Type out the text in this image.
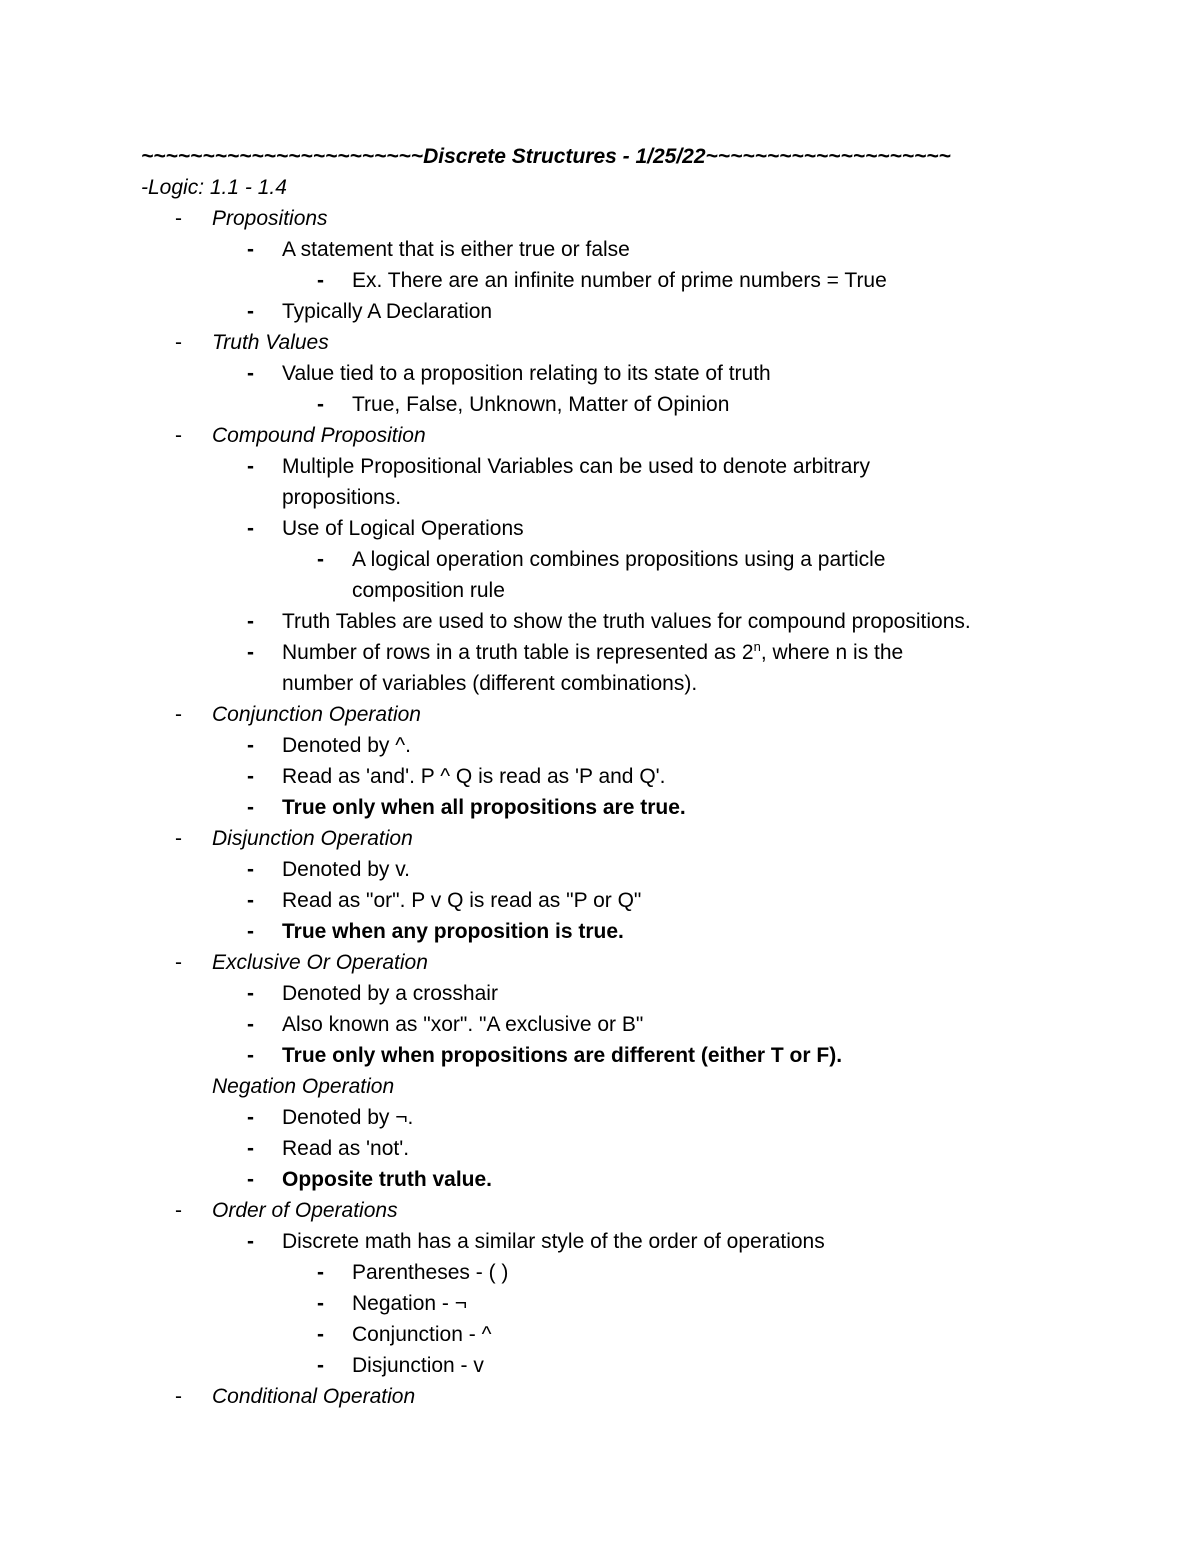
~~~~~~~~~~~~~~~~~~~~~~~Discrete Structures - 1/25/22~~~~~~~~~~~~~~~~~~~~
-Logic: 1.1 - 1.4
- Propositions
- A statement that is either true or false
- Ex. There are an infinite number of prime numbers = True
- Typically A Declaration
- Truth Values
- Value tied to a proposition relating to its state of truth
- True, False, Unknown, Matter of Opinion
- Compound Proposition
- Multiple Propositional Variables can be used to denote arbitrary
propositions.
- Use of Logical Operations
- A logical operation combines propositions using a particle
composition rule
- Truth Tables are used to show the truth values for compound propositions.
- Number of rows in a truth table is represented as 2$^n$, where n is the
number of variables (different combinations).
- Conjunction Operation
- Denoted by ^.
- Read as 'and'. P ^ Q is read as 'P and Q'.
- True only when all propositions are true.
- Disjunction Operation
- Denoted by v.
- Read as "or". P v Q is read as "P or Q"
- True when any proposition is true.
- Exclusive Or Operation
- Denoted by a crosshair
- Also known as "xor". "A exclusive or B"
- True only when propositions are different (either T or F).
Negation Operation
- Denoted by ¬.
- Read as 'not'.
- Opposite truth value.
- Order of Operations
- Discrete math has a similar style of the order of operations
- Parentheses - ( )
- Negation - ¬
- Conjunction - ^
- Disjunction - v
- Conditional Operation
